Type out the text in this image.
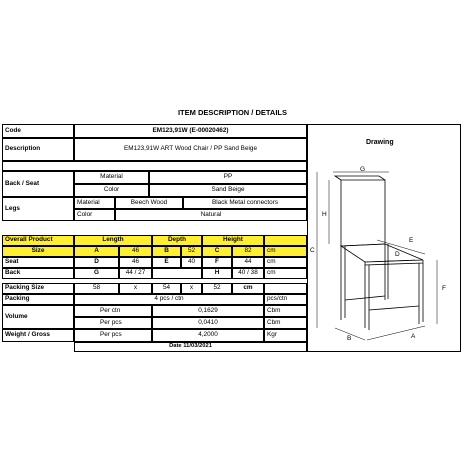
ITEM DESCRIPTION / DETAILS
Code	EM123,91W (E-00020462)
Description	EM123,91W ART Wood Chair / PP Sand Beige
Back / Seat
Material	PP
Color	Sand Beige
Legs
Material	Beech Wood	Black Metal connectors
Color	Natural
Overall Product	Length	Depth	Height
Size	A	46	B	52	C	82	cm
Seat	D	46	E	40	F	44	cm
Back	G	44 / 27	H	40 / 38	cm
Packing Size	58	x	54	x	52	cm
Packing	4 pcs / ctn	pcs/ctn
Volume
Per ctn	0,1629	Cbm
Per pcs	0,0410	Cbm
Weight / Gross	Per pcs	4,2000	Kgr
Date 11/03/2021
Drawing
G
H
C
E
D
F
B	A
